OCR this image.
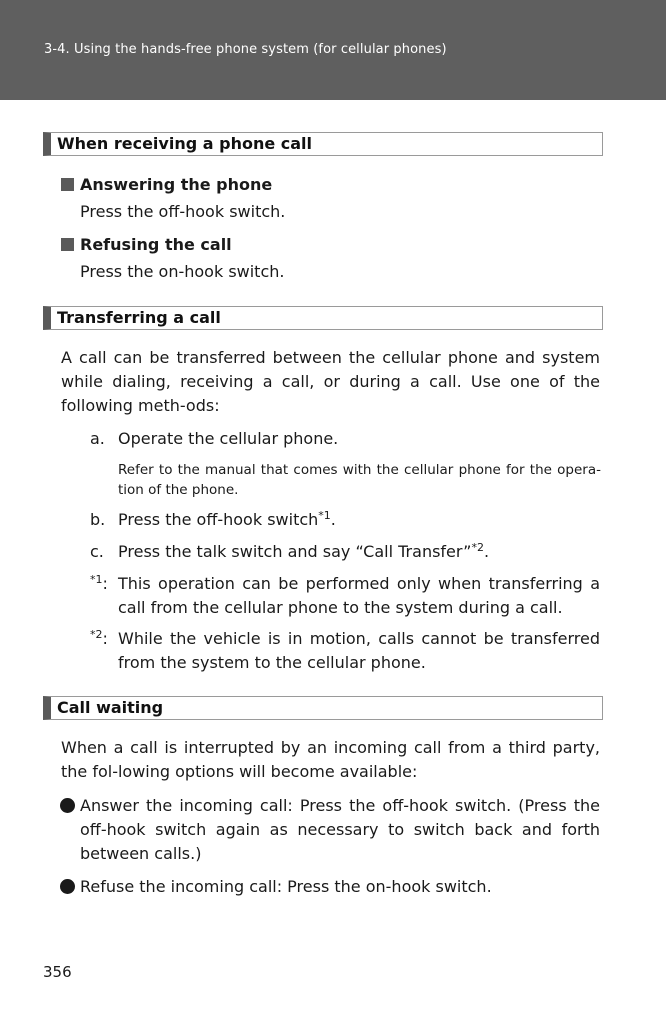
3-4. Using the hands-free phone system (for cellular phones)
When receiving a phone call
Answering the phone
Press the off-hook switch.
Refusing the call
Press the on-hook switch.
Transferring a call
A call can be transferred between the cellular phone and system while dialing, receiving a call, or during a call. Use one of the following meth-ods:
a. Operate the cellular phone.
Refer to the manual that comes with the cellular phone for the opera-tion of the phone.
b. Press the off-hook switch$^{*1}$.
c. Press the talk switch and say “Call Transfer”$^{*2}$.
$^{*1}$: This operation can be performed only when transferring a call from the cellular phone to the system during a call.
$^{*2}$: While the vehicle is in motion, calls cannot be transferred from the system to the cellular phone.
Call waiting
When a call is interrupted by an incoming call from a third party, the fol-lowing options will become available:
Answer the incoming call: Press the off-hook switch. (Press the off-hook switch again as necessary to switch back and forth between calls.)
Refuse the incoming call: Press the on-hook switch.
356
